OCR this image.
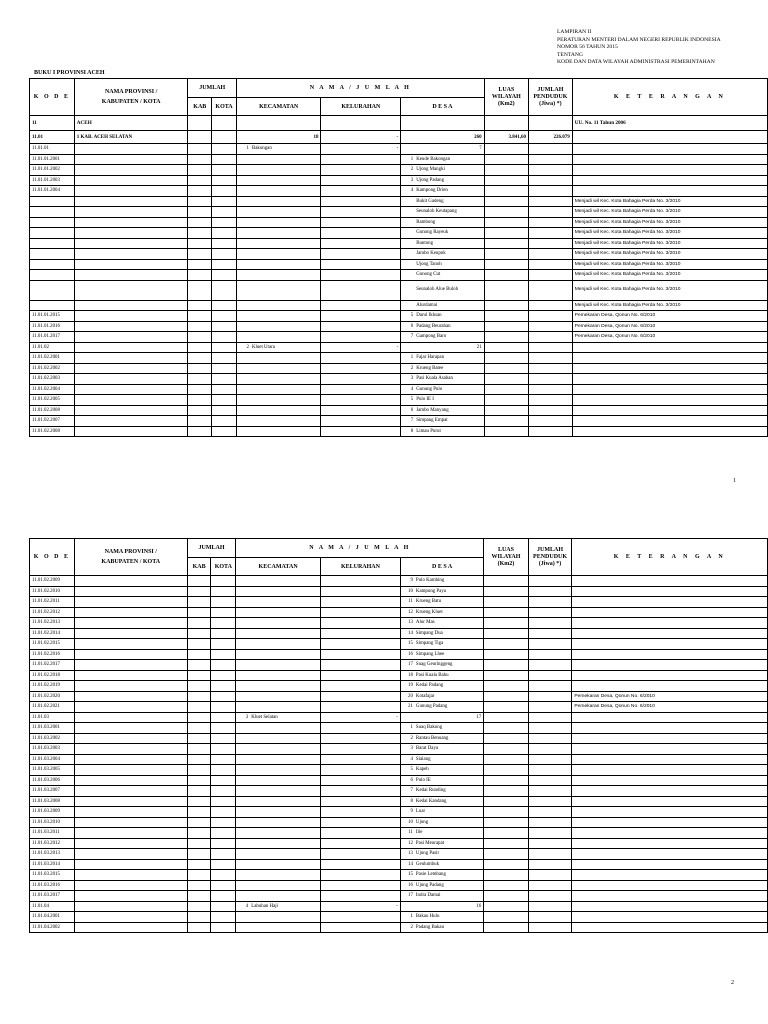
LAMPIRAN II
PERATURAN MENTERI DALAM NEGERI REPUBLIK INDONESIA
NOMOR 56 TAHUN 2015
TENTANG
KODE DAN DATA WILAYAH ADMINISTRASI PEMERINTAHAN
BUKU I PROVINSI ACEH
K O D E	NAMA PROVINSI /
KABUPATEN / KOTA	JUMLAH		N A M A / J U M L A H			LUAS
WILAYAH
(Km2)	JUMLAH
PENDUDUK
(Jiwa) *)	K E T E R A N G A N
		KAB	KOTA	KECAMATAN	KELURAHAN	D E S A			
11	ACEH								UU. No. 11 Tahun 2006
11.01	1 KAB. ACEH SELATAN			18	-	260	3.841,60	226.079	
11.01.01				1 Bakongan	-	7			
11.01.01.2001						1 Keude Bakongan			
11.01.01.2002						2 Ujong Mangki			
11.01.01.2003						3 Ujong Padang			
11.01.01.2004						4 Kampong Drien			
						Bukit Gadeng			Menjadi wil Kec. Kota Bahagia Perda No. 3/2010
						Seunaloh Keutapang			Menjadi wil Kec. Kota Bahagia Perda No. 3/2010
						Rambong			Menjadi wil Kec. Kota Bahagia Perda No. 3/2010
						Gunong Rayeuk			Menjadi wil Kec. Kota Bahagia Perda No. 3/2010
						Buntong			Menjadi wil Kec. Kota Bahagia Perda No. 3/2010
						Jambo Keupok			Menjadi wil Kec. Kota Bahagia Perda No. 3/2010
						Ujong Tanoh			Menjadi wil Kec. Kota Bahagia Perda No. 3/2010
						Gunong Cut			Menjadi wil Kec. Kota Bahagia Perda No. 3/2010
						Seunaloh Alue Buloh			Menjadi wil Kec. Kota Bahagia Perda No. 3/2010
						Alurdamai			Menjadi wil Kec. Kota Bahagia Perda No. 3/2010
11.01.01.2015						5 Darul Ikhsan			Pemekaran Desa, Qonun No. 6/2010
11.01.01.2016						6 Padang Beurahan			Pemekaran Desa, Qonun No. 6/2010
11.01.01.2017						7 Gampong Baro			Pemekaran Desa, Qonun No. 6/2010
11.01.02				2 Kluet Utara	-	21			
11.01.02.2001						1 Fajar Harapan			
11.01.02.2002						2 Krueng Batee			
11.01.02.2003						3 Pasi Kuala Asahan			
11.01.02.2004						4 Gunung Pulo			
11.01.02.2005						5 Pulo IE I			
11.01.02.2008						6 Jambo Manyang			
11.01.02.2007						7 Simpang Empat			
11.01.02.2008						8 Limau Purut			
1
K O D E	NAMA PROVINSI /
KABUPATEN / KOTA	JUMLAH		N A M A / J U M L A H			LUAS
WILAYAH
(Km2)	JUMLAH
PENDUDUK
(Jiwa) *)	K E T E R A N G A N
		KAB	KOTA	KECAMATAN	KELURAHAN	D E S A			
11.01.02.2009						9 Pulo Kambing			
11.01.02.2010						10 Kampung Paya			
11.01.02.2011						11 Krueng Batu			
11.01.02.2012						12 Krueng Kluet			
11.01.02.2013						13 Alur Mas			
11.01.02.2014						14 Simpang Dua			
11.01.02.2015						15 Simpang Tiga			
11.01.02.2016						16 Simpang Lhee			
11.01.02.2017						17 Suag Geuringgeng			
11.01.02.2018						18 Pasi Kuala Bahu			
11.01.02.2019						19 Kedai Padang			
11.01.02.2020						20 Kotafajar			Pemekaran Desa, Qonun No. 6/2010
11.01.02.2021						21 Gunung Padang			Pemekaran Desa, Qonun No. 6/2010
11.01.03				3 Kluet Selatan	-	17			
11.01.03.2001						1 Suaq Bakong			
11.01.03.2002						2 Rantau Benuang			
11.01.03.2003						3 Barat Daya			
11.01.03.2004						4 Sialang			
11.01.03.2005						5 Kapeh			
11.01.03.2006						6 Pulo IE			
11.01.03.2007						7 Kedai Runding			
11.01.03.2008						8 Kedai Kandang			
11.01.03.2009						9 Luar			
11.01.03.2010						10 Ujung			
11.01.03.2011						11 Ilie			
11.01.03.2012						12 Pasi Meurapat			
11.01.03.2013						13 Ujung Pasir			
11.01.03.2014						14 Geulumbuk			
11.01.03.2015						15 Pasie Lembang			
11.01.03.2016						16 Ujung Padang			
11.01.03.2017						17 Indra Damai			
11.01.04				4 Labuhan Haji	-	16			
11.01.04.2001						1 Bakau Hulu			
11.01.04.2002						2 Padang Bakau			
2
